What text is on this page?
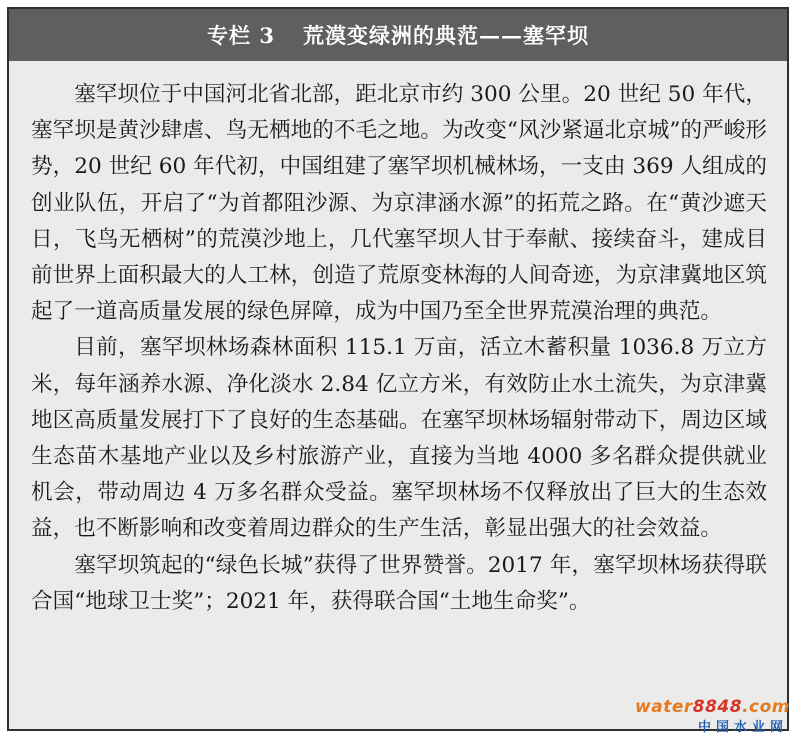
专栏 3 荒漠变绿洲的典范——塞罕坝

塞罕坝位于中国河北省北部，距北京市约 300 公里。20 世纪 50 年代，塞罕坝是黄沙肆虐、鸟无栖地的不毛之地。为改变“风沙紧逼北京城”的严峻形势，20 世纪 60 年代初，中国组建了塞罕坝机械林场，一支由 369 人组成的创业队伍，开启了“为首都阻沙源、为京津涵水源”的拓荒之路。在“黄沙遮天日，飞鸟无栖树”的荒漠沙地上，几代塞罕坝人甘于奉献、接续奋斗，建成目前世界上面积最大的人工林，创造了荒原变林海的人间奇迹，为京津冀地区筑起了一道高质量发展的绿色屏障，成为中国乃至全世界荒漠治理的典范。

目前，塞罕坝林场森林面积 115.1 万亩，活立木蓄积量 1036.8 万立方米，每年涵养水源、净化淡水 2.84 亿立方米，有效防止水土流失，为京津冀地区高质量发展打下了良好的生态基础。在塞罕坝林场辐射带动下，周边区域生态苗木基地产业以及乡村旅游产业，直接为当地 4000 多名群众提供就业机会，带动周边 4 万多名群众受益。塞罕坝林场不仅释放出了巨大的生态效益，也不断影响和改变着周边群众的生产生活，彰显出强大的社会效益。

塞罕坝筑起的“绿色长城”获得了世界赞誉。2017 年，塞罕坝林场获得联合国“地球卫士奖”；2021 年，获得联合国“土地生命奖”。

water8848.com
中国水业网
